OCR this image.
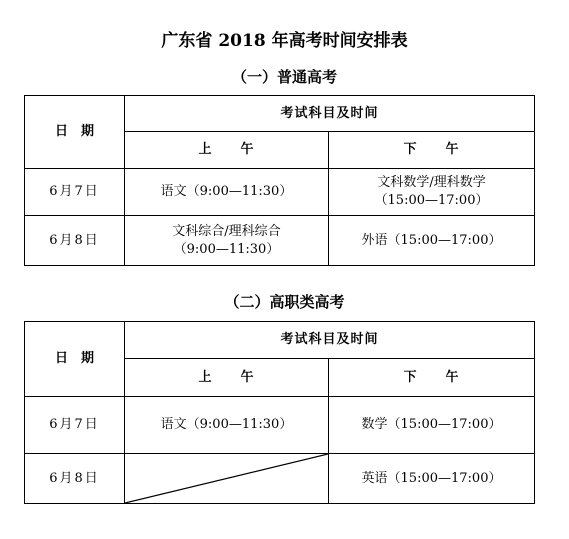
广东省 2018 年高考时间安排表
（一）普通高考
日　期	考试科目及时间	
	上　　午	下　　午
6月7日	语文（9:00—11:30）	文科数学/理科数学
（15:00—17:00）

6月8日	文科综合/理科综合
（9:00—11:30）	外语（15:00—17:00）
（二）高职类高考
日　期	考试科目及时间	
	上　　午	下　　午
6月7日	语文（9:00—11:30）	数学（15:00—17:00）
6月8日		英语（15:00—17:00）
